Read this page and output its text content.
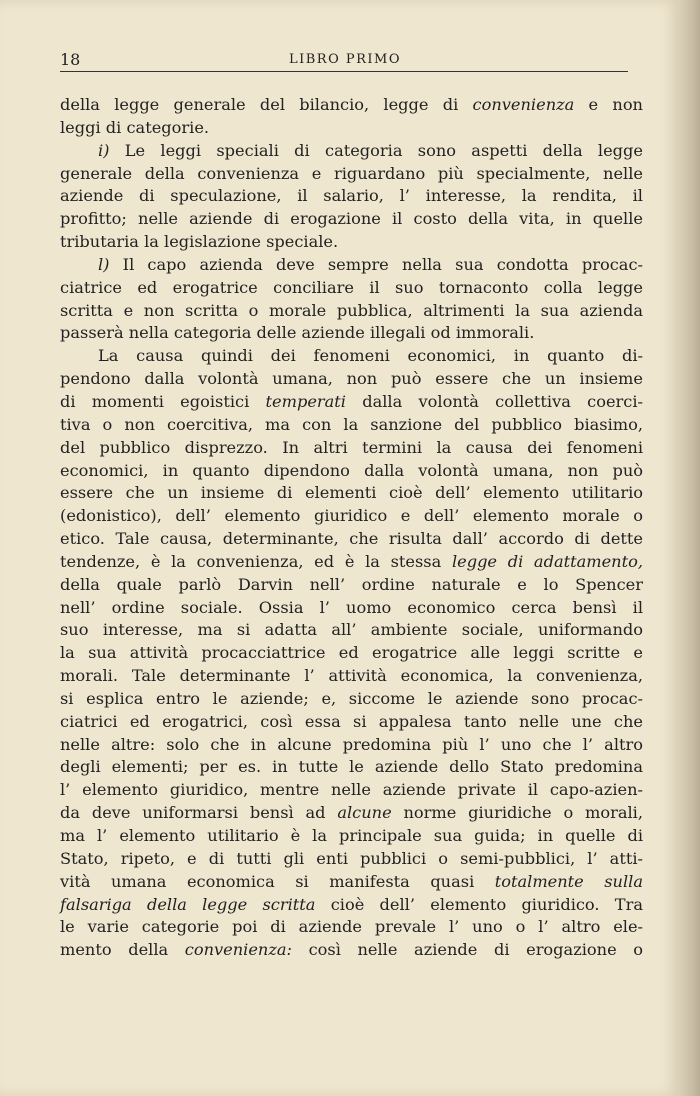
18	LIBRO PRIMO
della legge generale del bilancio, legge di convenienza e non
leggi di categorie.
i) Le leggi speciali di categoria sono aspetti della legge
generale della convenienza e riguardano più specialmente, nelle
aziende di speculazione, il salario, l’ interesse, la rendita, il
profitto; nelle aziende di erogazione il costo della vita, in quelle
tributaria la legislazione speciale.
l) Il capo azienda deve sempre nella sua condotta procac-
ciatrice ed erogatrice conciliare il suo tornaconto colla legge
scritta e non scritta o morale pubblica, altrimenti la sua azienda
passerà nella categoria delle aziende illegali od immorali.
La causa quindi dei fenomeni economici, in quanto di-
pendono dalla volontà umana, non può essere che un insieme
di momenti egoistici temperati dalla volontà collettiva coerci-
tiva o non coercitiva, ma con la sanzione del pubblico biasimo,
del pubblico disprezzo. In altri termini la causa dei fenomeni
economici, in quanto dipendono dalla volontà umana, non può
essere che un insieme di elementi cioè dell’ elemento utilitario
(edonistico), dell’ elemento giuridico e dell’ elemento morale o
etico. Tale causa, determinante, che risulta dall’ accordo di dette
tendenze, è la convenienza, ed è la stessa legge di adattamento,
della quale parlò Darvin nell’ ordine naturale e lo Spencer
nell’ ordine sociale. Ossia l’ uomo economico cerca bensì il
suo interesse, ma si adatta all’ ambiente sociale, uniformando
la sua attività procacciattrice ed erogatrice alle leggi scritte e
morali. Tale determinante l’ attività economica, la convenienza,
si esplica entro le aziende; e, siccome le aziende sono procac-
ciatrici ed erogatrici, così essa si appalesa tanto nelle une che
nelle altre: solo che in alcune predomina più l’ uno che l’ altro
degli elementi; per es. in tutte le aziende dello Stato predomina
l’ elemento giuridico, mentre nelle aziende private il capo-azien-
da deve uniformarsi bensì ad alcune norme giuridiche o morali,
ma l’ elemento utilitario è la principale sua guida; in quelle di
Stato, ripeto, e di tutti gli enti pubblici o semi-pubblici, l’ atti-
vità umana economica si manifesta quasi totalmente sulla
falsariga della legge scritta cioè dell’ elemento giuridico. Tra
le varie categorie poi di aziende prevale l’ uno o l’ altro ele-
mento della convenienza: così nelle aziende di erogazione o
